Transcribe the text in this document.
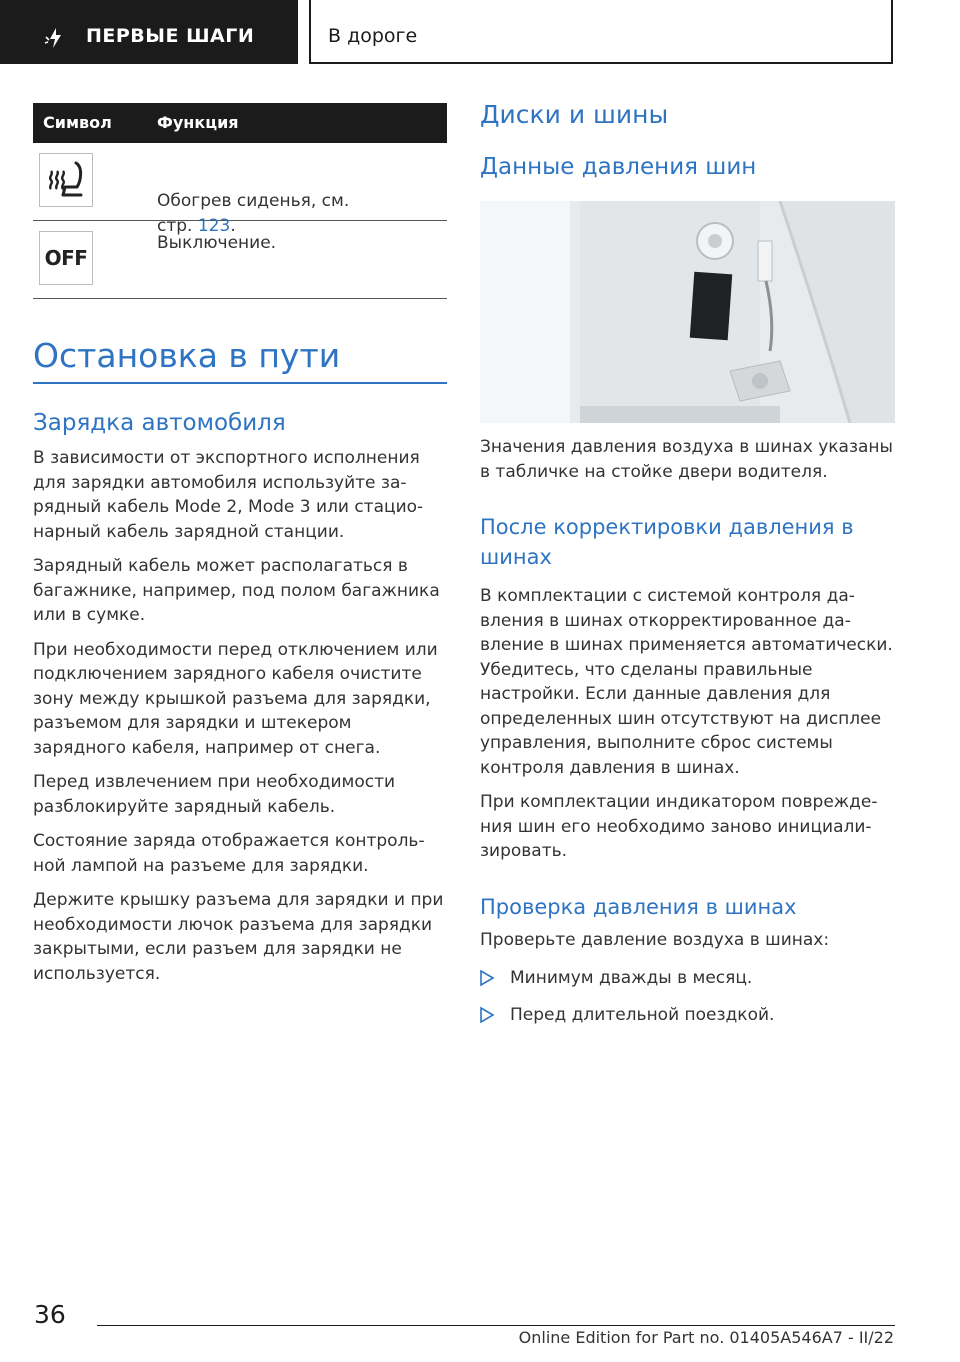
ПЕРВЫЕ ШАГИ	В дороге
Символ	Функция
Обогрев сиденья, см.
стр. 123.
OFF
Выключение.
Остановка в пути
Зарядка автомобиля

В зависимости от экспортного исполнения для зарядки автомобиля используйте зарядный кабель Mode 2, Mode 3 или стационарный кабель зарядной станции.

Зарядный кабель может располагаться в багажнике, например, под полом багажника или в сумке.

При необходимости перед отключением или подключением зарядного кабеля очистите зону между крышкой разъема для зарядки, разъемом для зарядки и штекером зарядного кабеля, например от снега.

Перед извлечением при необходимости разблокируйте зарядный кабель.

Состояние заряда отображается контрольной лампой на разъеме для зарядки.

Держите крышку разъема для зарядки и при необходимости лючок разъема для зарядки закрытыми, если разъем для зарядки не используется.

Диски и шины
Данные давления шин

Значения давления воздуха в шинах указаны в табличке на стойке двери водителя.

После корректировки давления в шинах

В комплектации с системой контроля давления в шинах откорректированное давление в шинах применяется автоматически. Убедитесь, что сделаны правильные настройки. Если данные давления для определенных шин отсутствуют на дисплее управления, выполните сброс системы контроля давления в шинах.

При комплектации индикатором повреждения шин его необходимо заново инициализировать.

Проверка давления в шинах

Проверьте давление воздуха в шинах:

Минимум дважды в месяц.
Перед длительной поездкой.
36
Online Edition for Part no. 01405A546A7 - II/22
